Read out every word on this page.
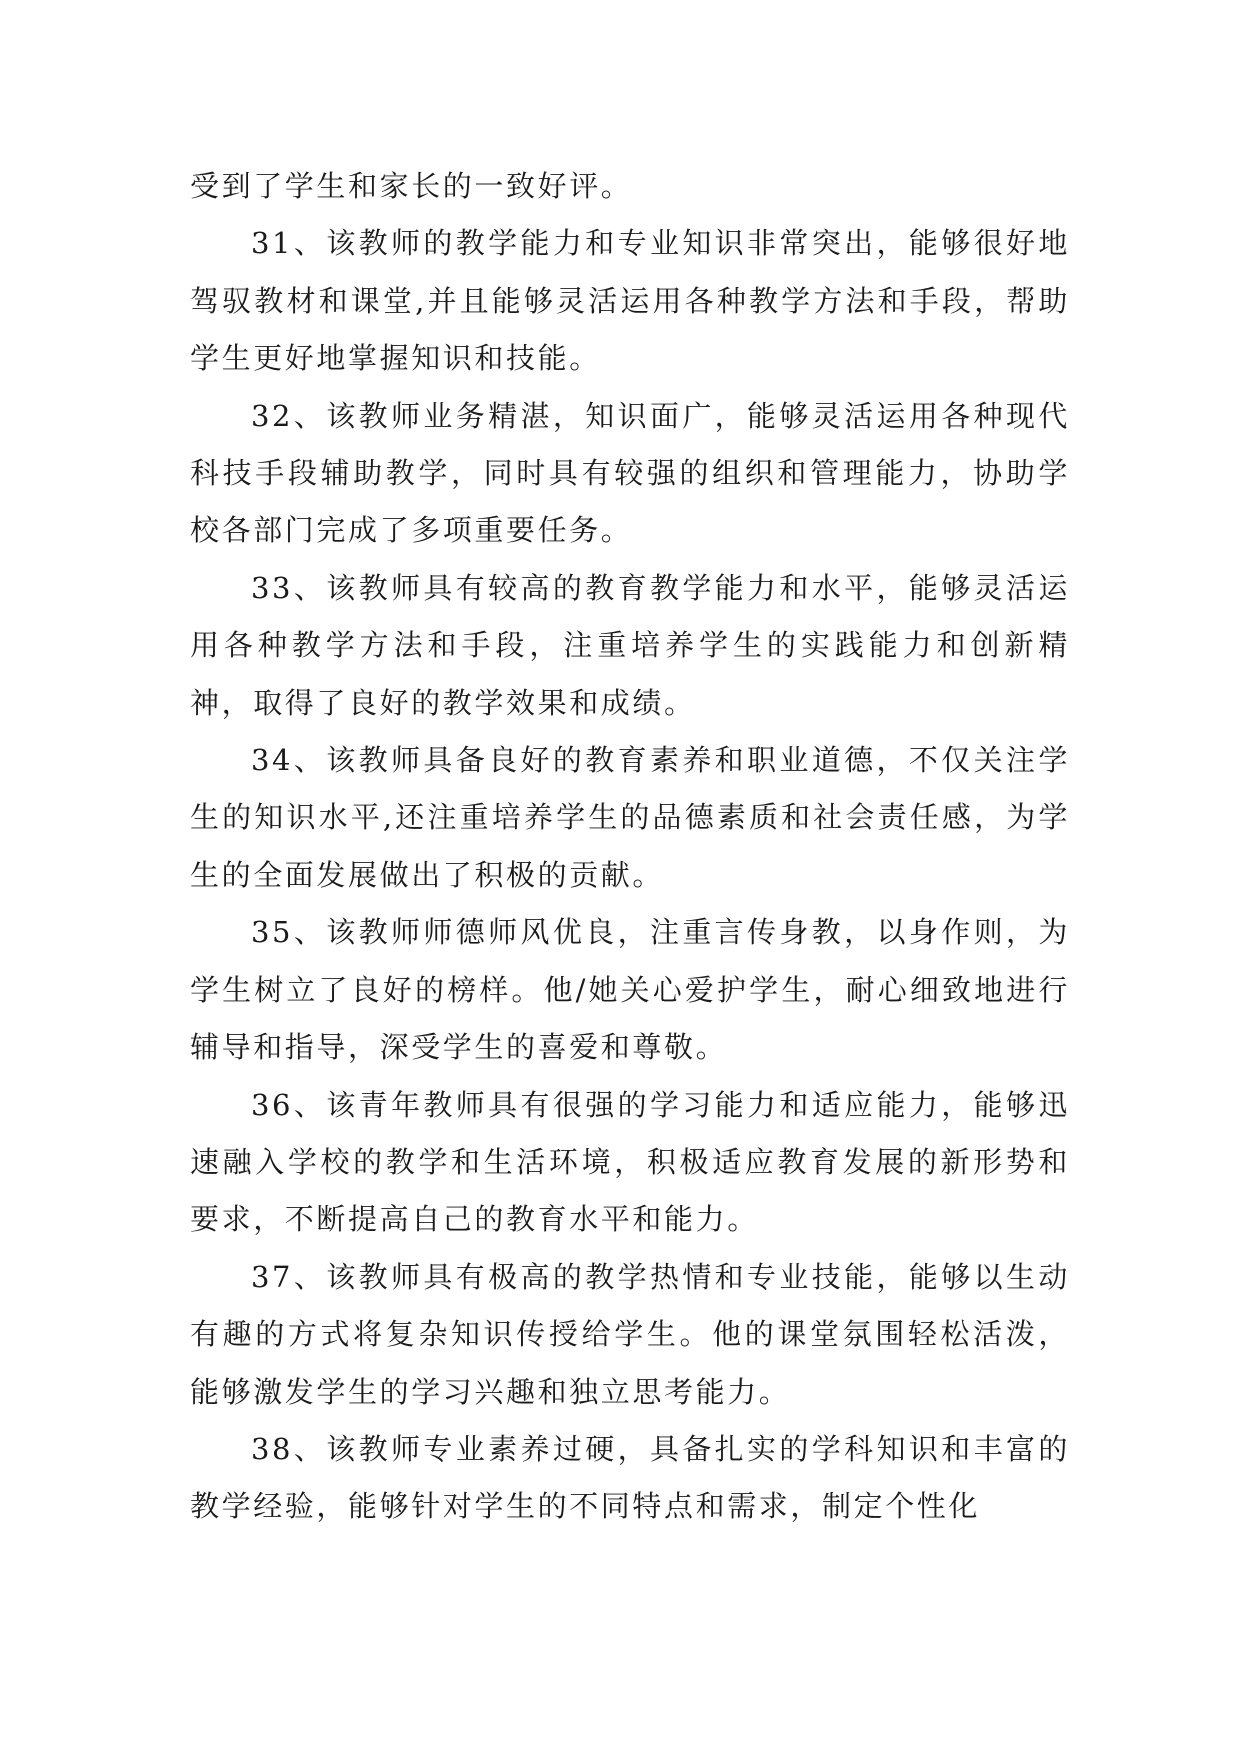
受到了学生和家长的一致好评。

31、该教师的教学能力和专业知识非常突出，能够很好地驾驭教材和课堂,并且能够灵活运用各种教学方法和手段，帮助学生更好地掌握知识和技能。

32、该教师业务精湛，知识面广，能够灵活运用各种现代科技手段辅助教学，同时具有较强的组织和管理能力，协助学校各部门完成了多项重要任务。

33、该教师具有较高的教育教学能力和水平，能够灵活运用各种教学方法和手段，注重培养学生的实践能力和创新精神，取得了良好的教学效果和成绩。

34、该教师具备良好的教育素养和职业道德，不仅关注学生的知识水平,还注重培养学生的品德素质和社会责任感，为学生的全面发展做出了积极的贡献。

35、该教师师德师风优良，注重言传身教，以身作则，为学生树立了良好的榜样。他/她关心爱护学生，耐心细致地进行辅导和指导，深受学生的喜爱和尊敬。

36、该青年教师具有很强的学习能力和适应能力，能够迅速融入学校的教学和生活环境，积极适应教育发展的新形势和要求，不断提高自己的教育水平和能力。

37、该教师具有极高的教学热情和专业技能，能够以生动有趣的方式将复杂知识传授给学生。他的课堂氛围轻松活泼，能够激发学生的学习兴趣和独立思考能力。

38、该教师专业素养过硬，具备扎实的学科知识和丰富的教学经验，能够针对学生的不同特点和需求，制定个性化
